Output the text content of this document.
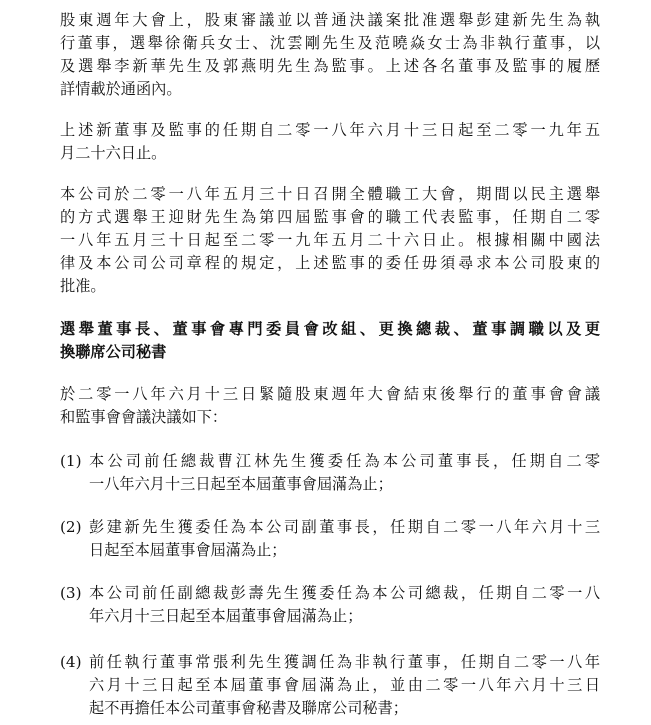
股東週年大會上，股東審議並以普通決議案批准選舉彭建新先生為執
行董事，選舉徐衛兵女士、沈雲剛先生及范曉焱女士為非執行董事，以
及選舉李新華先生及郭燕明先生為監事。上述各名董事及監事的履歷
詳情載於通函內。
上述新董事及監事的任期自二零一八年六月十三日起至二零一九年五
月二十六日止。
本公司於二零一八年五月三十日召開全體職工大會，期間以民主選舉
的方式選舉王迎財先生為第四屆監事會的職工代表監事，任期自二零
一八年五月三十日起至二零一九年五月二十六日止。根據相關中國法
律及本公司公司章程的規定，上述監事的委任毋須尋求本公司股東的
批准。
選舉董事長、董事會專門委員會改組、更換總裁、董事調職以及更
換聯席公司秘書
於二零一八年六月十三日緊隨股東週年大會結束後舉行的董事會會議
和監事會會議決議如下：
(1) 本公司前任總裁曹江林先生獲委任為本公司董事長，任期自二零
一八年六月十三日起至本屆董事會屆滿為止；
(2) 彭建新先生獲委任為本公司副董事長，任期自二零一八年六月十三
日起至本屆董事會屆滿為止；
(3) 本公司前任副總裁彭壽先生獲委任為本公司總裁，任期自二零一八
年六月十三日起至本屆董事會屆滿為止；
(4) 前任執行董事常張利先生獲調任為非執行董事，任期自二零一八年
六月十三日起至本屆董事會屆滿為止，並由二零一八年六月十三日
起不再擔任本公司董事會秘書及聯席公司秘書；
